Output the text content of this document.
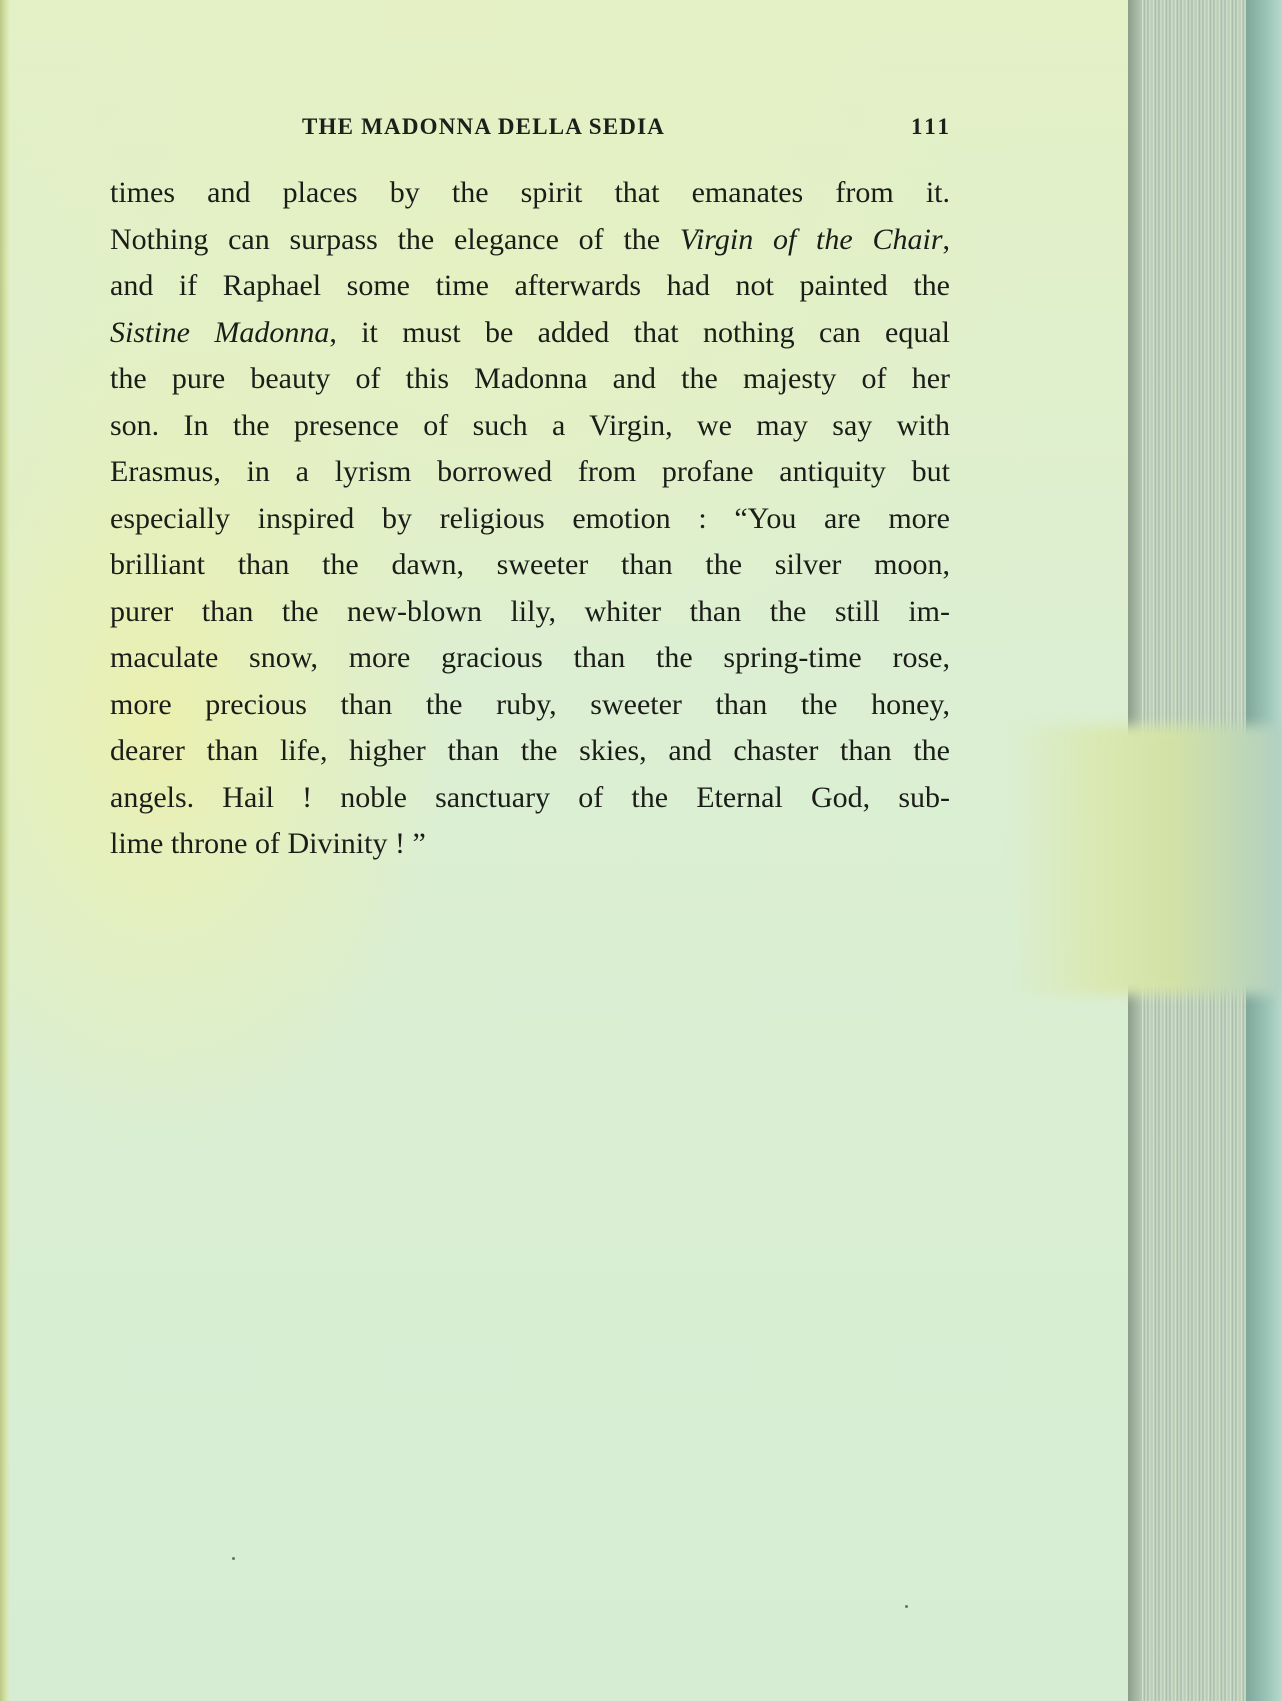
THE MADONNA DELLA SEDIA	111
times and places by the spirit that emanates from it.
Nothing can surpass the elegance of the Virgin of the Chair,
and if Raphael some time afterwards had not painted the
Sistine Madonna, it must be added that nothing can equal
the pure beauty of this Madonna and the majesty of her
son. In the presence of such a Virgin, we may say with
Erasmus, in a lyrism borrowed from profane antiquity but
especially inspired by religious emotion : “You are more
brilliant than the dawn, sweeter than the silver moon,
purer than the new-blown lily, whiter than the still im-
maculate snow, more gracious than the spring-time rose,
more precious than the ruby, sweeter than the honey,
dearer than life, higher than the skies, and chaster than the
angels. Hail ! noble sanctuary of the Eternal God, sub-
lime throne of Divinity ! ”
